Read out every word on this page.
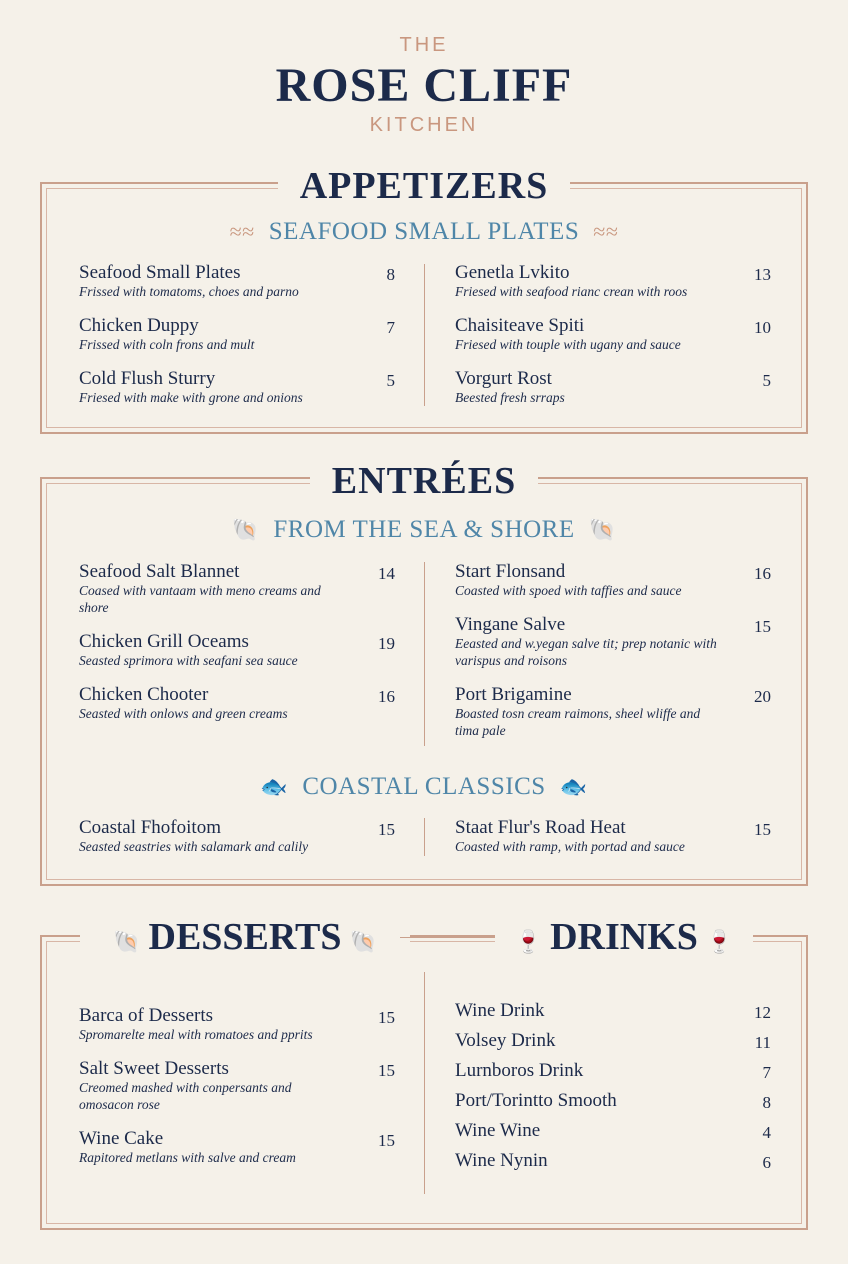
THE
ROSE CLIFF
KITCHEN
APPETIZERS
≈≈ SEAFOOD SMALL PLATES ≈≈
Seafood Small Plates	8
Frissed with tomatoms, choes and parno
Chicken Duppy	7
Frissed with coln frons and mult
Cold Flush Sturry	5
Friesed with make with grone and onions
Genetla Lvkito	13
Friesed with seafood rianc crean with roos
Chaisiteave Spiti	10
Friesed with touple with ugany and sauce
Vorgurt Rost	5
Beested fresh srraps
ENTRÉES
🐚 FROM THE SEA & SHORE 🐚
Seafood Salt Blannet	14
Coased with vantaam with meno creams and shore
Chicken Grill Oceams	19
Seasted sprimora with seafani sea sauce
Chicken Chooter	16
Seasted with onlows and green creams
Start Flonsand	16
Coasted with spoed with taffies and sauce
Vingane Salve	15
Eeasted and w.yegan salve tit; prep notanic with varispus and roisons
Port Brigamine	20
Boasted tosn cream raimons, sheel wliffe and tima pale
🐟 COASTAL CLASSICS 🐟
Coastal Fhofoitom	15
Seasted seastries with salamark and calily
Staat Flur's Road Heat	15
Coasted with ramp, with portad and sauce
🐚 DESSERTS 🐚	🍷 DRINKS 🍷
Barca of Desserts	15
Spromarelte meal with romatoes and pprits
Salt Sweet Desserts	15
Creomed mashed with conpersants and omosacon rose
Wine Cake	15
Rapitored metlans with salve and cream
Wine Drink	12
Volsey Drink	11
Lurnboros Drink	7
Port/Torintto Smooth	8
Wine Wine	4
Wine Nynin	6
